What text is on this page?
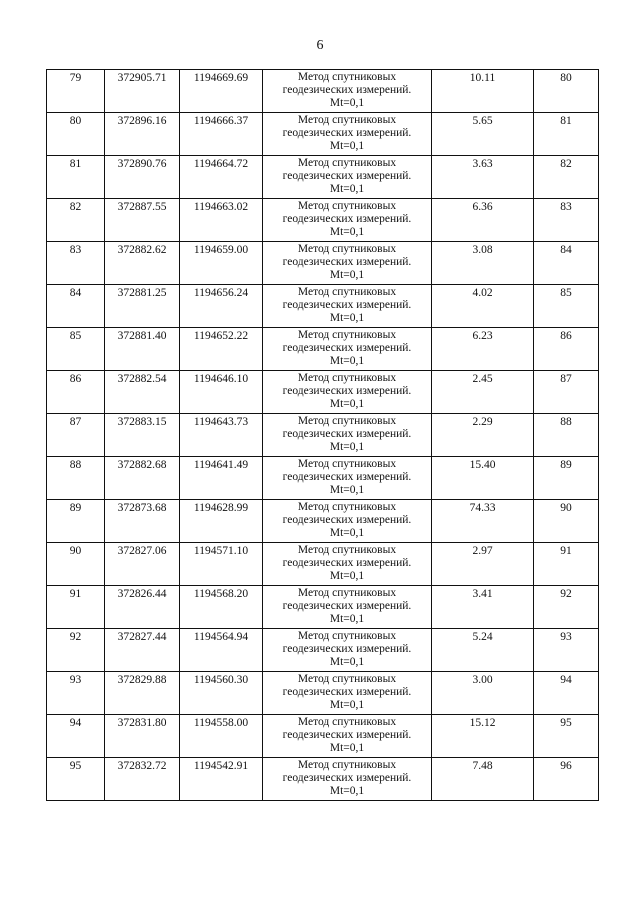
6
79	372905.71	1194669.69	Метод спутниковых
геодезических измерений.
Mt=0,1	10.11	80
80	372896.16	1194666.37	Метод спутниковых
геодезических измерений.
Mt=0,1	5.65	81
81	372890.76	1194664.72	Метод спутниковых
геодезических измерений.
Mt=0,1	3.63	82
82	372887.55	1194663.02	Метод спутниковых
геодезических измерений.
Mt=0,1	6.36	83
83	372882.62	1194659.00	Метод спутниковых
геодезических измерений.
Mt=0,1	3.08	84
84	372881.25	1194656.24	Метод спутниковых
геодезических измерений.
Mt=0,1	4.02	85
85	372881.40	1194652.22	Метод спутниковых
геодезических измерений.
Mt=0,1	6.23	86
86	372882.54	1194646.10	Метод спутниковых
геодезических измерений.
Mt=0,1	2.45	87
87	372883.15	1194643.73	Метод спутниковых
геодезических измерений.
Mt=0,1	2.29	88
88	372882.68	1194641.49	Метод спутниковых
геодезических измерений.
Mt=0,1	15.40	89
89	372873.68	1194628.99	Метод спутниковых
геодезических измерений.
Mt=0,1	74.33	90
90	372827.06	1194571.10	Метод спутниковых
геодезических измерений.
Mt=0,1	2.97	91
91	372826.44	1194568.20	Метод спутниковых
геодезических измерений.
Mt=0,1	3.41	92
92	372827.44	1194564.94	Метод спутниковых
геодезических измерений.
Mt=0,1	5.24	93
93	372829.88	1194560.30	Метод спутниковых
геодезических измерений.
Mt=0,1	3.00	94
94	372831.80	1194558.00	Метод спутниковых
геодезических измерений.
Mt=0,1	15.12	95
95	372832.72	1194542.91	Метод спутниковых
геодезических измерений.
Mt=0,1	7.48	96
